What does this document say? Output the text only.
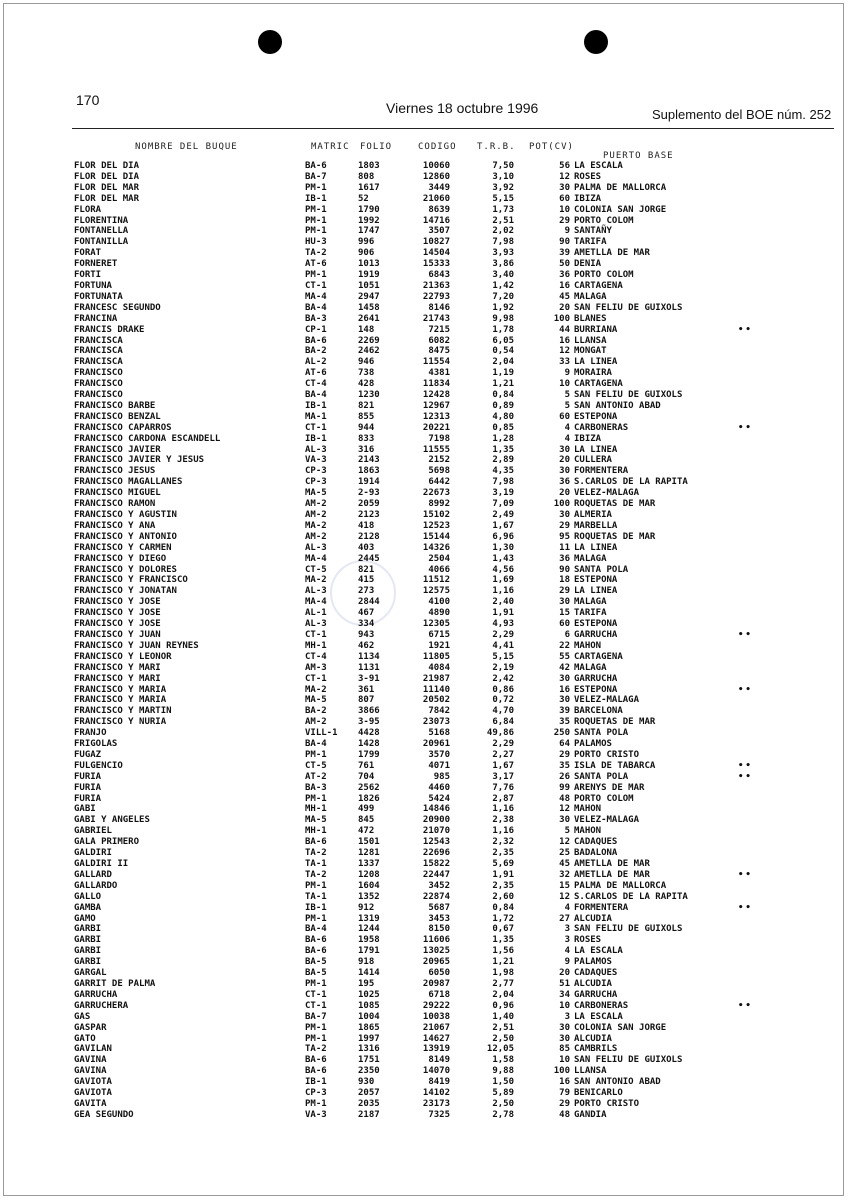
170	Viernes 18 octubre 1996	Suplemento del BOE núm. 252
NOMBRE DEL BUQUE	MATRIC FOLIO	CODIGO T.R.B. POT(CV)
PUERTO BASE
FLOR DEL DIA	BA-6	1803	10060	7,50	56 LA ESCALA
FLOR DEL DIA	BA-7	808	12860	3,10	12 ROSES
FLOR DEL MAR	PM-1	1617	3449	3,92	30 PALMA DE MALLORCA
FLOR DEL MAR	IB-1	52	21060	5,15	60 IBIZA
FLORA	PM-1	1790	8639	1,73	10 COLONIA SAN JORGE
FLORENTINA	PM-1	1992	14716	2,51	29 PORTO COLOM
FONTANELLA	PM-1	1747	3507	2,02	9 SANTAÑY
FONTANILLA	HU-3	996	10827	7,98	90 TARIFA
FORAT	TA-2	906	14504	3,93	39 AMETLLA DE MAR
FORNERET	AT-6	1013	15333	3,86	50 DENIA
FORTI	PM-1	1919	6843	3,40	36 PORTO COLOM
FORTUNA	CT-1	1051	21363	1,42	16 CARTAGENA
FORTUNATA	MA-4	2947	22793	7,20	45 MALAGA
FRANCESC SEGUNDO	BA-4	1458	8146	1,92	20 SAN FELIU DE GUIXOLS
FRANCINA	BA-3	2641	21743	9,98	100 BLANES
FRANCIS DRAKE	CP-1	148	7215	1,78	44 BURRIANA	••
FRANCISCA	BA-6	2269	6082	6,05	16 LLANSA
FRANCISCA	BA-2	2462	8475	0,54	12 MONGAT
FRANCISCA	AL-2	946	11554	2,04	33 LA LINEA
FRANCISCO	AT-6	738	4381	1,19	9 MORAIRA
FRANCISCO	CT-4	428	11834	1,21	10 CARTAGENA
FRANCISCO	BA-4	1230	12428	0,84	5 SAN FELIU DE GUIXOLS
FRANCISCO BARBE	IB-1	821	12967	0,89	5 SAN ANTONIO ABAD
FRANCISCO BENZAL	MA-1	855	12313	4,80	60 ESTEPONA
FRANCISCO CAPARROS	CT-1	944	20221	0,85	4 CARBONERAS	••
FRANCISCO CARDONA ESCANDELL	IB-1	833	7198	1,28	4 IBIZA
FRANCISCO JAVIER	AL-3	316	11555	1,35	30 LA LINEA
FRANCISCO JAVIER Y JESUS	VA-3	2143	2152	2,89	20 CULLERA
FRANCISCO JESUS	CP-3	1863	5698	4,35	30 FORMENTERA
FRANCISCO MAGALLANES	CP-3	1914	6442	7,98	36 S.CARLOS DE LA RAPITA
FRANCISCO MIGUEL	MA-5	2-93	22673	3,19	20 VELEZ-MALAGA
FRANCISCO RAMON	AM-2	2059	8992	7,09	100 ROQUETAS DE MAR
FRANCISCO Y AGUSTIN	AM-2	2123	15102	2,49	30 ALMERIA
FRANCISCO Y ANA	MA-2	418	12523	1,67	29 MARBELLA
FRANCISCO Y ANTONIO	AM-2	2128	15144	6,96	95 ROQUETAS DE MAR
FRANCISCO Y CARMEN	AL-3	403	14326	1,30	11 LA LINEA
FRANCISCO Y DIEGO	MA-4	2445	2504	1,43	36 MALAGA
FRANCISCO Y DOLORES	CT-5	821	4066	4,56	90 SANTA POLA
FRANCISCO Y FRANCISCO	MA-2	415	11512	1,69	18 ESTEPONA
FRANCISCO Y JONATAN	AL-3	273	12575	1,16	29 LA LINEA
FRANCISCO Y JOSE	MA-4	2844	4100	2,40	30 MALAGA
FRANCISCO Y JOSE	AL-1	467	4890	1,91	15 TARIFA
FRANCISCO Y JOSE	AL-3	334	12305	4,93	60 ESTEPONA
FRANCISCO Y JUAN	CT-1	943	6715	2,29	6 GARRUCHA	••
FRANCISCO Y JUAN REYNES	MH-1	462	1921	4,41	22 MAHON
FRANCISCO Y LEONOR	CT-4	1134	11805	5,15	55 CARTAGENA
FRANCISCO Y MARI	AM-3	1131	4084	2,19	42 MALAGA
FRANCISCO Y MARI	CT-1	3-91	21987	2,42	30 GARRUCHA
FRANCISCO Y MARIA	MA-2	361	11140	0,86	16 ESTEPONA	••
FRANCISCO Y MARIA	MA-5	807	20502	0,72	30 VELEZ-MALAGA
FRANCISCO Y MARTIN	BA-2	3866	7842	4,70	39 BARCELONA
FRANCISCO Y NURIA	AM-2	3-95	23073	6,84	35 ROQUETAS DE MAR
FRANJO	VILL-1 4428	5168	49,86	250 SANTA POLA
FRIGOLAS	BA-4	1428	20961	2,29	64 PALAMOS
FUGAZ	PM-1	1799	3570	2,27	29 PORTO CRISTO
FULGENCIO	CT-5	761	4071	1,67	35 ISLA DE TABARCA	••
FURIA	AT-2	704	985	3,17	26 SANTA POLA	••
FURIA	BA-3	2562	4460	7,76	99 ARENYS DE MAR
FURIA	PM-1	1826	5424	2,87	48 PORTO COLOM
GABI	MH-1	499	14846	1,16	12 MAHON
GABI Y ANGELES	MA-5	845	20900	2,38	30 VELEZ-MALAGA
GABRIEL	MH-1	472	21070	1,16	5 MAHON
GALA PRIMERO	BA-6	1501	12543	2,32	12 CADAQUES
GALDIRI	TA-2	1281	22696	2,35	25 BADALONA
GALDIRI II	TA-1	1337	15822	5,69	45 AMETLLA DE MAR
GALLARD	TA-2	1208	22447	1,91	32 AMETLLA DE MAR	••
GALLARDO	PM-1	1604	3452	2,35	15 PALMA DE MALLORCA
GALLO	TA-1	1352	22874	2,60	12 S.CARLOS DE LA RAPITA
GAMBA	IB-1	912	5687	0,84	4 FORMENTERA	••
GAMO	PM-1	1319	3453	1,72	27 ALCUDIA
GARBI	BA-4	1244	8150	0,67	3 SAN FELIU DE GUIXOLS
GARBI	BA-6	1958	11606	1,35	3 ROSES
GARBI	BA-6	1791	13025	1,56	4 LA ESCALA
GARBI	BA-5	918	20965	1,21	9 PALAMOS
GARGAL	BA-5	1414	6050	1,98	20 CADAQUES
GARRIT DE PALMA	PM-1	195	20987	2,77	51 ALCUDIA
GARRUCHA	CT-1	1025	6718	2,04	34 GARRUCHA
GARRUCHERA	CT-1	1085	29222	0,96	10 CARBONERAS	••
GAS	BA-7	1004	10038	1,40	3 LA ESCALA
GASPAR	PM-1	1865	21067	2,51	30 COLONIA SAN JORGE
GATO	PM-1	1997	14627	2,50	30 ALCUDIA
GAVILAN	TA-2	1316	13919	12,05	85 CAMBRILS
GAVINA	BA-6	1751	8149	1,58	10 SAN FELIU DE GUIXOLS
GAVINA	BA-6	2350	14070	9,88	100 LLANSA
GAVIOTA	IB-1	930	8419	1,50	16 SAN ANTONIO ABAD
GAVIOTA	CP-3	2057	14102	5,89	79 BENICARLO
GAVITA	PM-1	2035	23173	2,50	29 PORTO CRISTO
GEA SEGUNDO	VA-3	2187	7325	2,78	48 GANDIA
